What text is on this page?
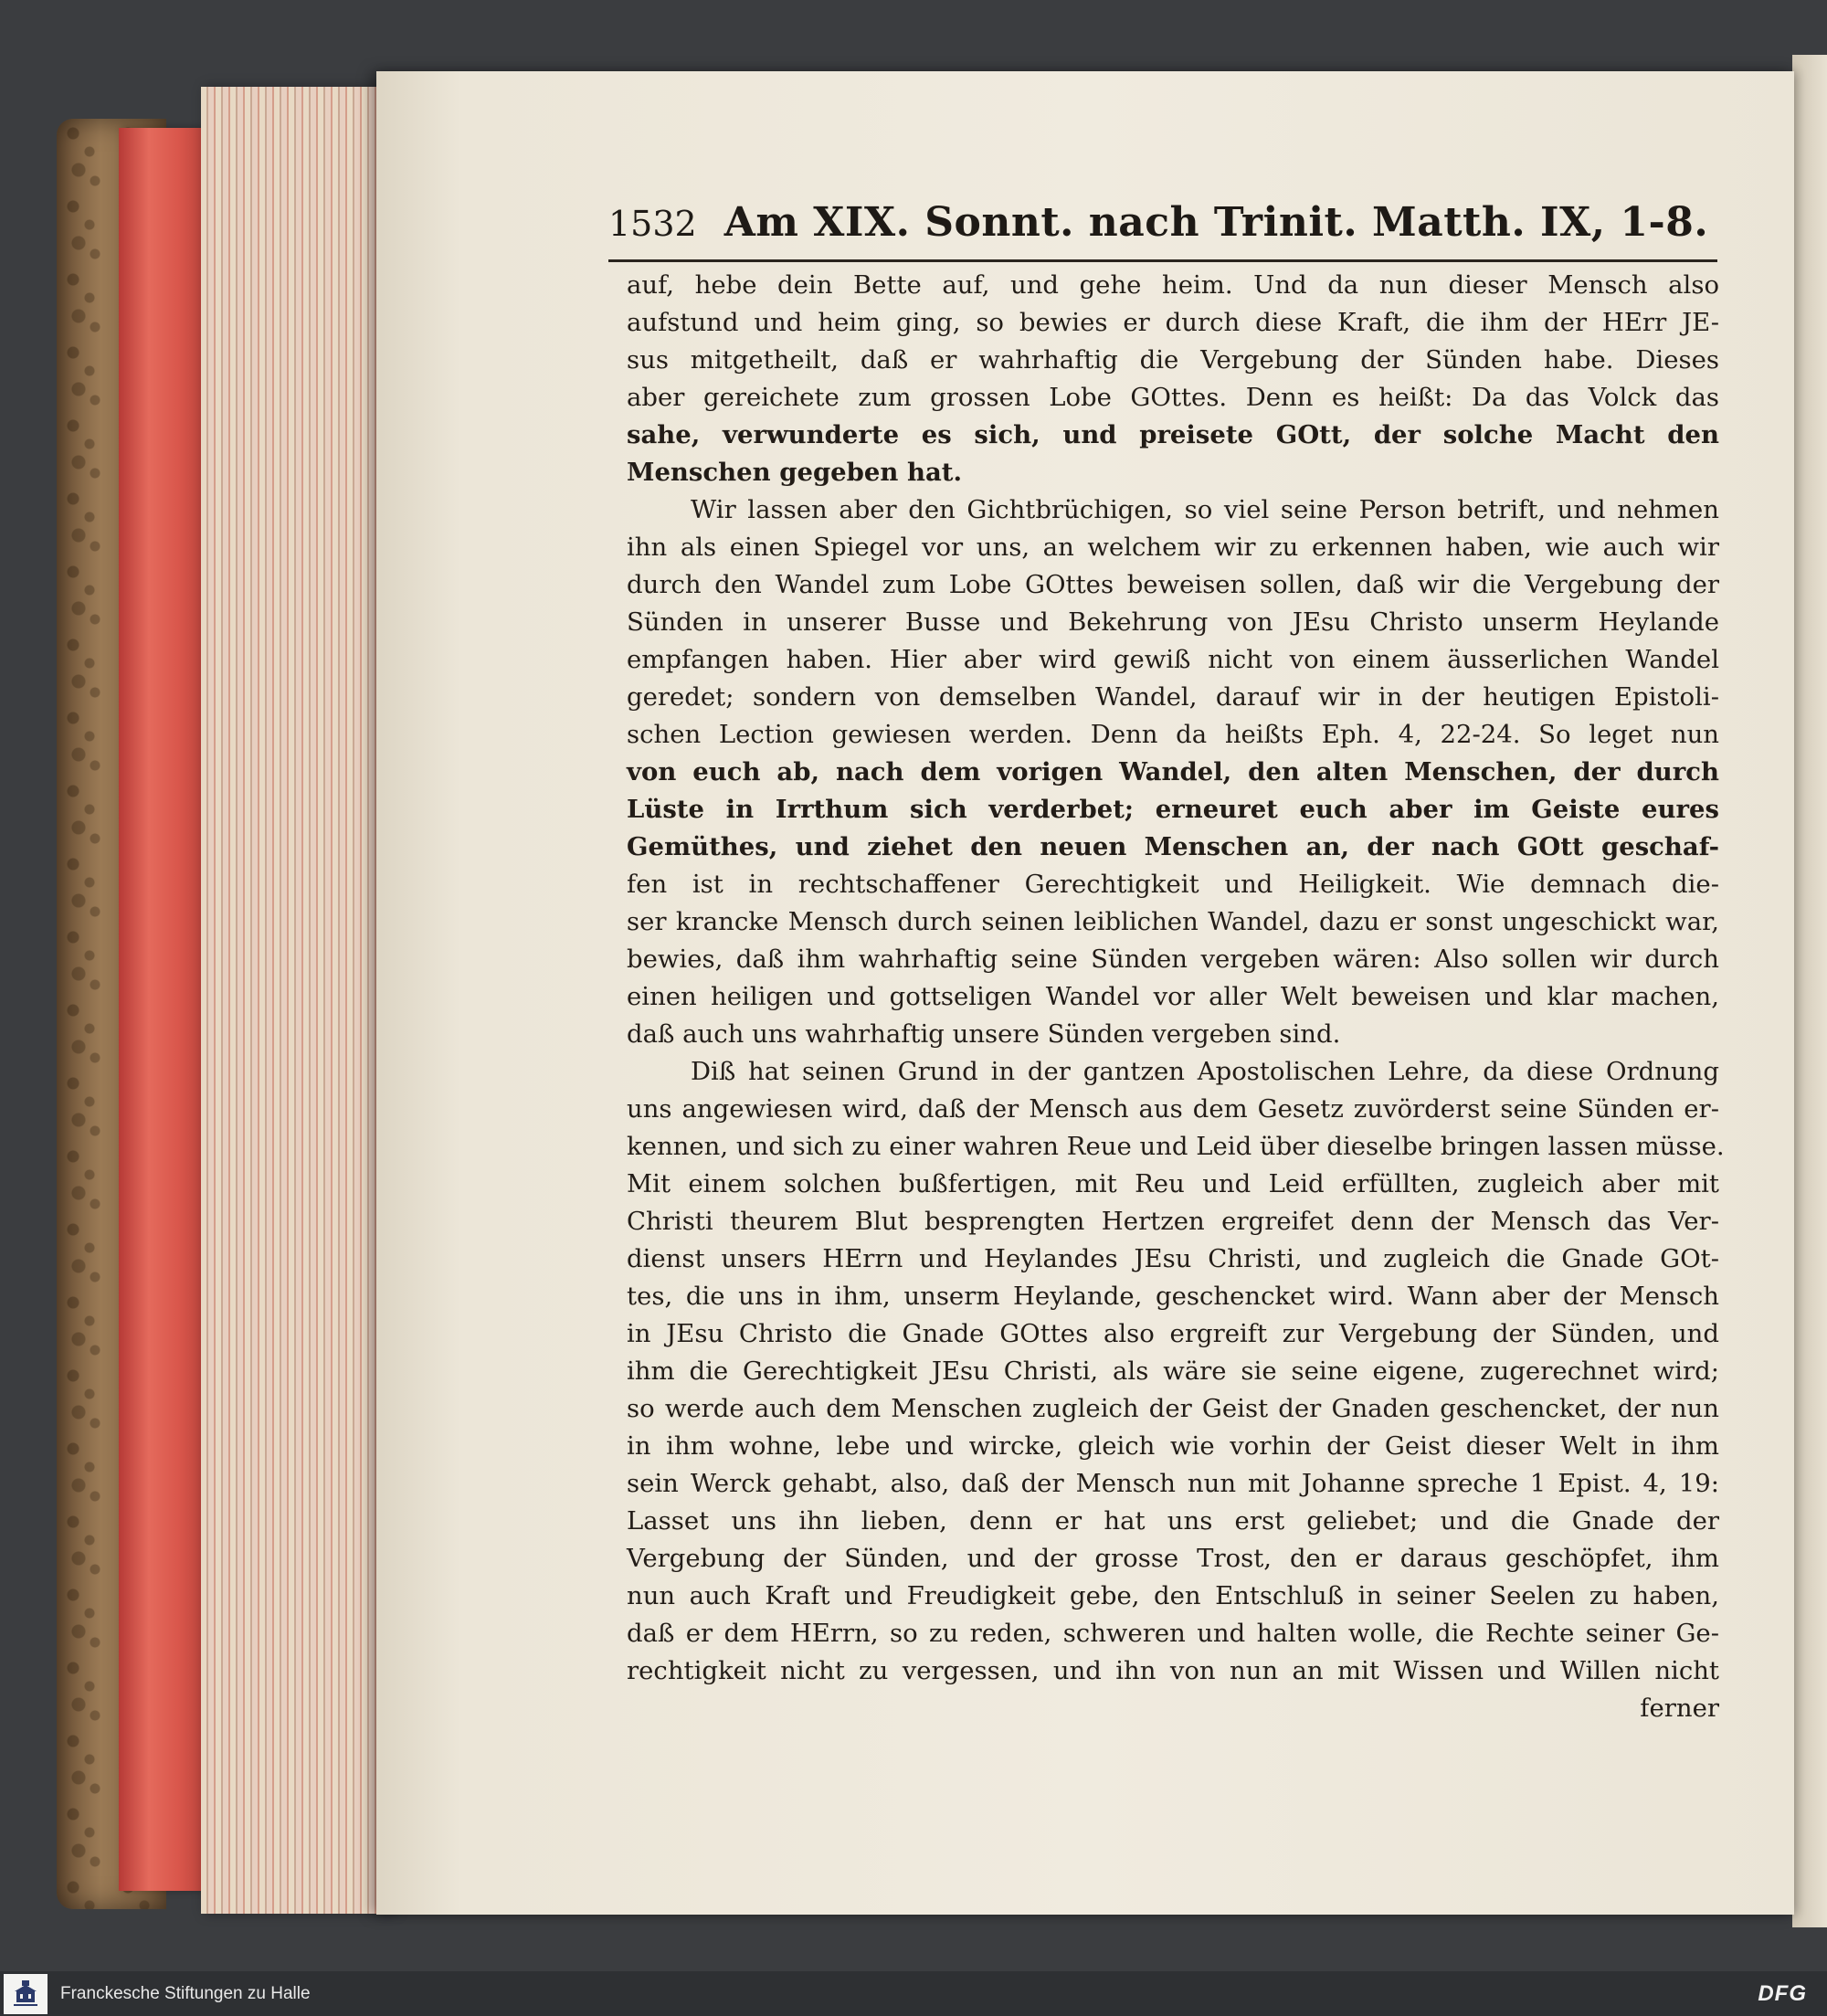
1532 Am XIX. Sonnt. nach Trinit. Matth. IX, 1-8.
auf, hebe dein Bette auf, und gehe heim. Und da nun dieser Mensch also
aufstund und heim ging, so bewies er durch diese Kraft, die ihm der HErr JE-
sus mitgetheilt, daß er wahrhaftig die Vergebung der Sünden habe. Dieses
aber gereichete zum grossen Lobe GOttes. Denn es heißt: Da das Volck das
sahe, verwunderte es sich, und preisete GOtt, der solche Macht den
Menschen gegeben hat.
Wir lassen aber den Gichtbrüchigen, so viel seine Person betrift, und nehmen
ihn als einen Spiegel vor uns, an welchem wir zu erkennen haben, wie auch wir
durch den Wandel zum Lobe GOttes beweisen sollen, daß wir die Vergebung der
Sünden in unserer Busse und Bekehrung von JEsu Christo unserm Heylande
empfangen haben. Hier aber wird gewiß nicht von einem äusserlichen Wandel
geredet; sondern von demselben Wandel, darauf wir in der heutigen Epistoli-
schen Lection gewiesen werden. Denn da heißts Eph. 4, 22-24. So leget nun
von euch ab, nach dem vorigen Wandel, den alten Menschen, der durch
Lüste in Irrthum sich verderbet; erneuret euch aber im Geiste eures
Gemüthes, und ziehet den neuen Menschen an, der nach GOtt geschaf-
fen ist in rechtschaffener Gerechtigkeit und Heiligkeit. Wie demnach die-
ser krancke Mensch durch seinen leiblichen Wandel, dazu er sonst ungeschickt war,
bewies, daß ihm wahrhaftig seine Sünden vergeben wären: Also sollen wir durch
einen heiligen und gottseligen Wandel vor aller Welt beweisen und klar machen,
daß auch uns wahrhaftig unsere Sünden vergeben sind.
Diß hat seinen Grund in der gantzen Apostolischen Lehre, da diese Ordnung
uns angewiesen wird, daß der Mensch aus dem Gesetz zuvörderst seine Sünden er-
kennen, und sich zu einer wahren Reue und Leid über dieselbe bringen lassen müsse.
Mit einem solchen bußfertigen, mit Reu und Leid erfüllten, zugleich aber mit
Christi theurem Blut besprengten Hertzen ergreifet denn der Mensch das Ver-
dienst unsers HErrn und Heylandes JEsu Christi, und zugleich die Gnade GOt-
tes, die uns in ihm, unserm Heylande, geschencket wird. Wann aber der Mensch
in JEsu Christo die Gnade GOttes also ergreift zur Vergebung der Sünden, und
ihm die Gerechtigkeit JEsu Christi, als wäre sie seine eigene, zugerechnet wird;
so werde auch dem Menschen zugleich der Geist der Gnaden geschencket, der nun
in ihm wohne, lebe und wircke, gleich wie vorhin der Geist dieser Welt in ihm
sein Werck gehabt, also, daß der Mensch nun mit Johanne spreche 1 Epist. 4, 19:
Lasset uns ihn lieben, denn er hat uns erst geliebet; und die Gnade der
Vergebung der Sünden, und der grosse Trost, den er daraus geschöpfet, ihm
nun auch Kraft und Freudigkeit gebe, den Entschluß in seiner Seelen zu haben,
daß er dem HErrn, so zu reden, schweren und halten wolle, die Rechte seiner Ge-
rechtigkeit nicht zu vergessen, und ihn von nun an mit Wissen und Willen nicht
ferner
Franckesche Stiftungen zu Halle	DFG
